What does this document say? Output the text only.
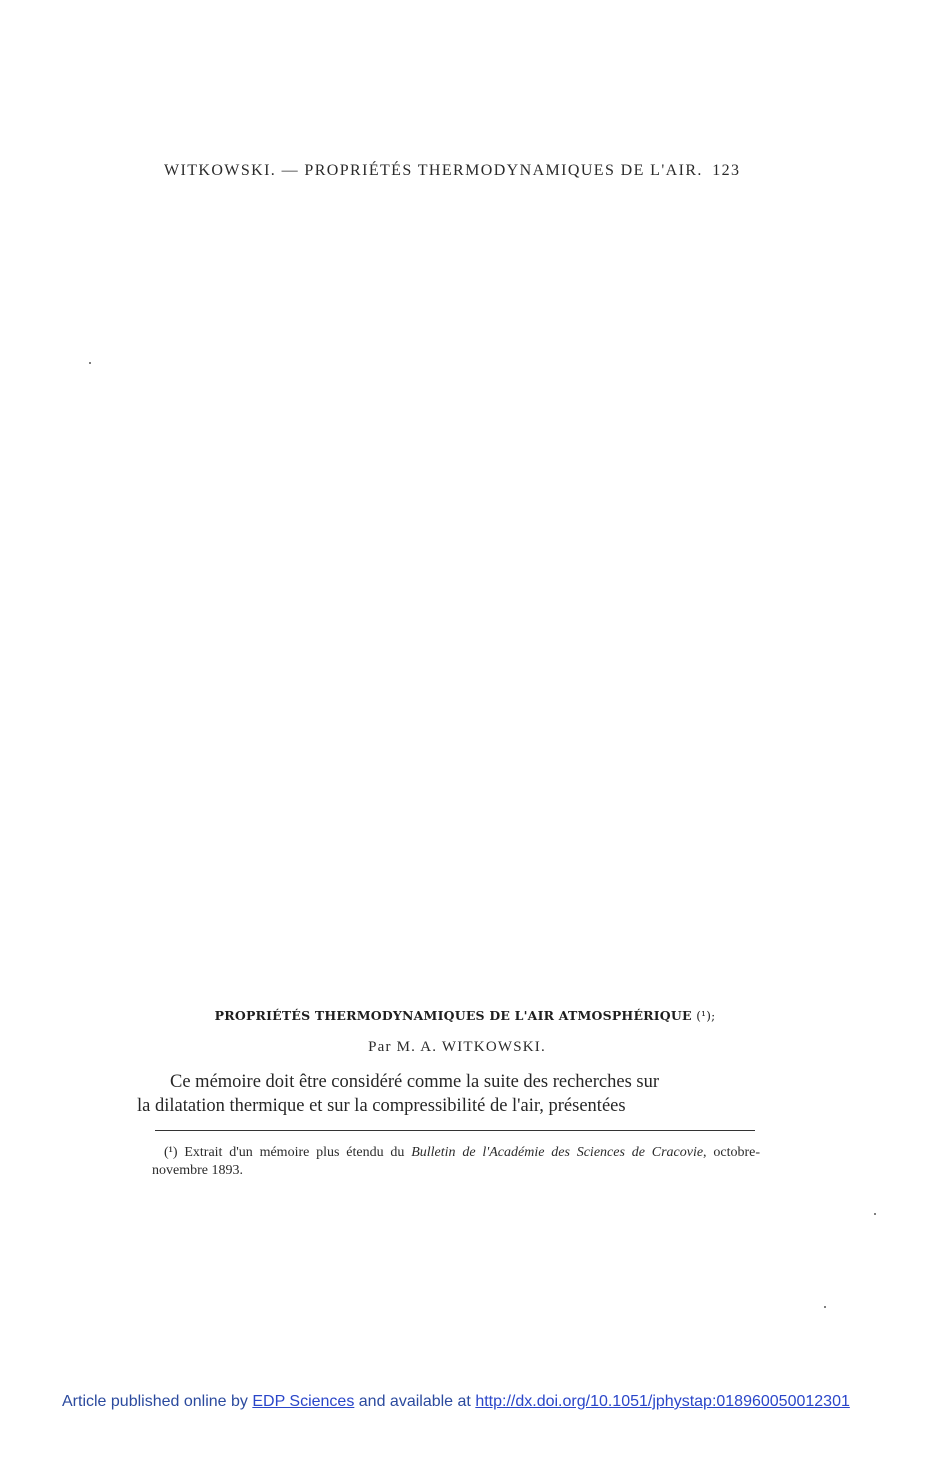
WITKOWSKI. — PROPRIÉTÉS THERMODYNAMIQUES DE L'AIR. 123
PROPRIÉTÉS THERMODYNAMIQUES DE L'AIR ATMOSPHÉRIQUE (¹);
Par M. A. WITKOWSKI.

Ce mémoire doit être considéré comme la suite des recherches sur

la dilatation thermique et sur la compressibilité de l'air, présentées

(¹) Extrait d'un mémoire plus étendu du Bulletin de l'Académie des Sciences de Cracovie, octobre-novembre 1893.

Article published online by EDP Sciences and available at http://dx.doi.org/10.1051/jphystap:018960050012301
